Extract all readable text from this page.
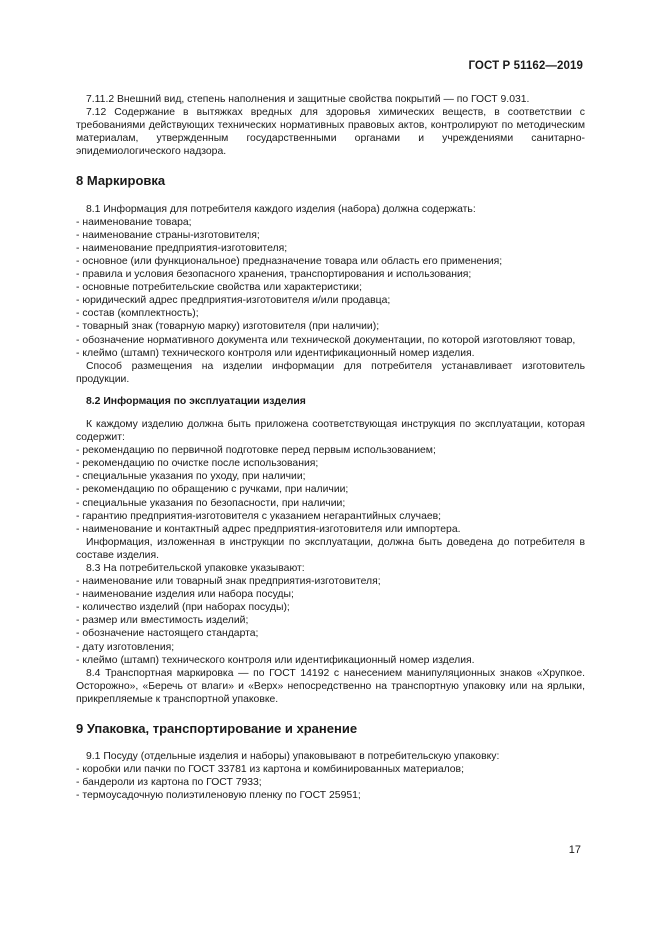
ГОСТ Р 51162—2019

7.11.2 Внешний вид, степень наполнения и защитные свойства покрытий — по ГОСТ 9.031.

7.12 Содержание в вытяжках вредных для здоровья химических веществ, в соответствии с требованиями действующих технических нормативных правовых актов, контролируют по методическим материалам, утвержденным государственными органами и учреждениями санитарно-эпидемиологического надзора.

8 Маркировка

8.1 Информация для потребителя каждого изделия (набора) должна содержать:

- наименование товара;

- наименование страны-изготовителя;

- наименование предприятия-изготовителя;

- основное (или функциональное) предназначение товара или область его применения;

- правила и условия безопасного хранения, транспортирования и использования;

- основные потребительские свойства или характеристики;

- юридический адрес предприятия-изготовителя и/или продавца;

- состав (комплектность);

- товарный знак (товарную марку) изготовителя (при наличии);

- обозначение нормативного документа или технической документации, по которой изготовляют товар,

- клеймо (штамп) технического контроля или идентификационный номер изделия.

Способ размещения на изделии информации для потребителя устанавливает изготовитель продукции.

8.2 Информация по эксплуатации изделия

К каждому изделию должна быть приложена соответствующая инструкция по эксплуатации, которая содержит:

- рекомендацию по первичной подготовке перед первым использованием;

- рекомендацию по очистке после использования;

- специальные указания по уходу, при наличии;

- рекомендацию по обращению с ручками, при наличии;

- специальные указания по безопасности, при наличии;

- гарантию предприятия-изготовителя с указанием негарантийных случаев;

- наименование и контактный адрес предприятия-изготовителя или импортера.

Информация, изложенная в инструкции по эксплуатации, должна быть доведена до потребителя в составе изделия.

8.3 На потребительской упаковке указывают:

- наименование или товарный знак предприятия-изготовителя;

- наименование изделия или набора посуды;

- количество изделий (при наборах посуды);

- размер или вместимость изделий;

- обозначение настоящего стандарта;

- дату изготовления;

- клеймо (штамп) технического контроля или идентификационный номер изделия.

8.4 Транспортная маркировка — по ГОСТ 14192 с нанесением манипуляционных знаков «Хрупкое. Осторожно», «Беречь от влаги» и «Верх» непосредственно на транспортную упаковку или на ярлыки, прикрепляемые к транспортной упаковке.

9 Упаковка, транспортирование и хранение

9.1 Посуду (отдельные изделия и наборы) упаковывают в потребительскую упаковку:

- коробки или пачки по ГОСТ 33781 из картона и комбинированных материалов;

- бандероли из картона по ГОСТ 7933;

- термоусадочную полиэтиленовую пленку по ГОСТ 25951;

17
